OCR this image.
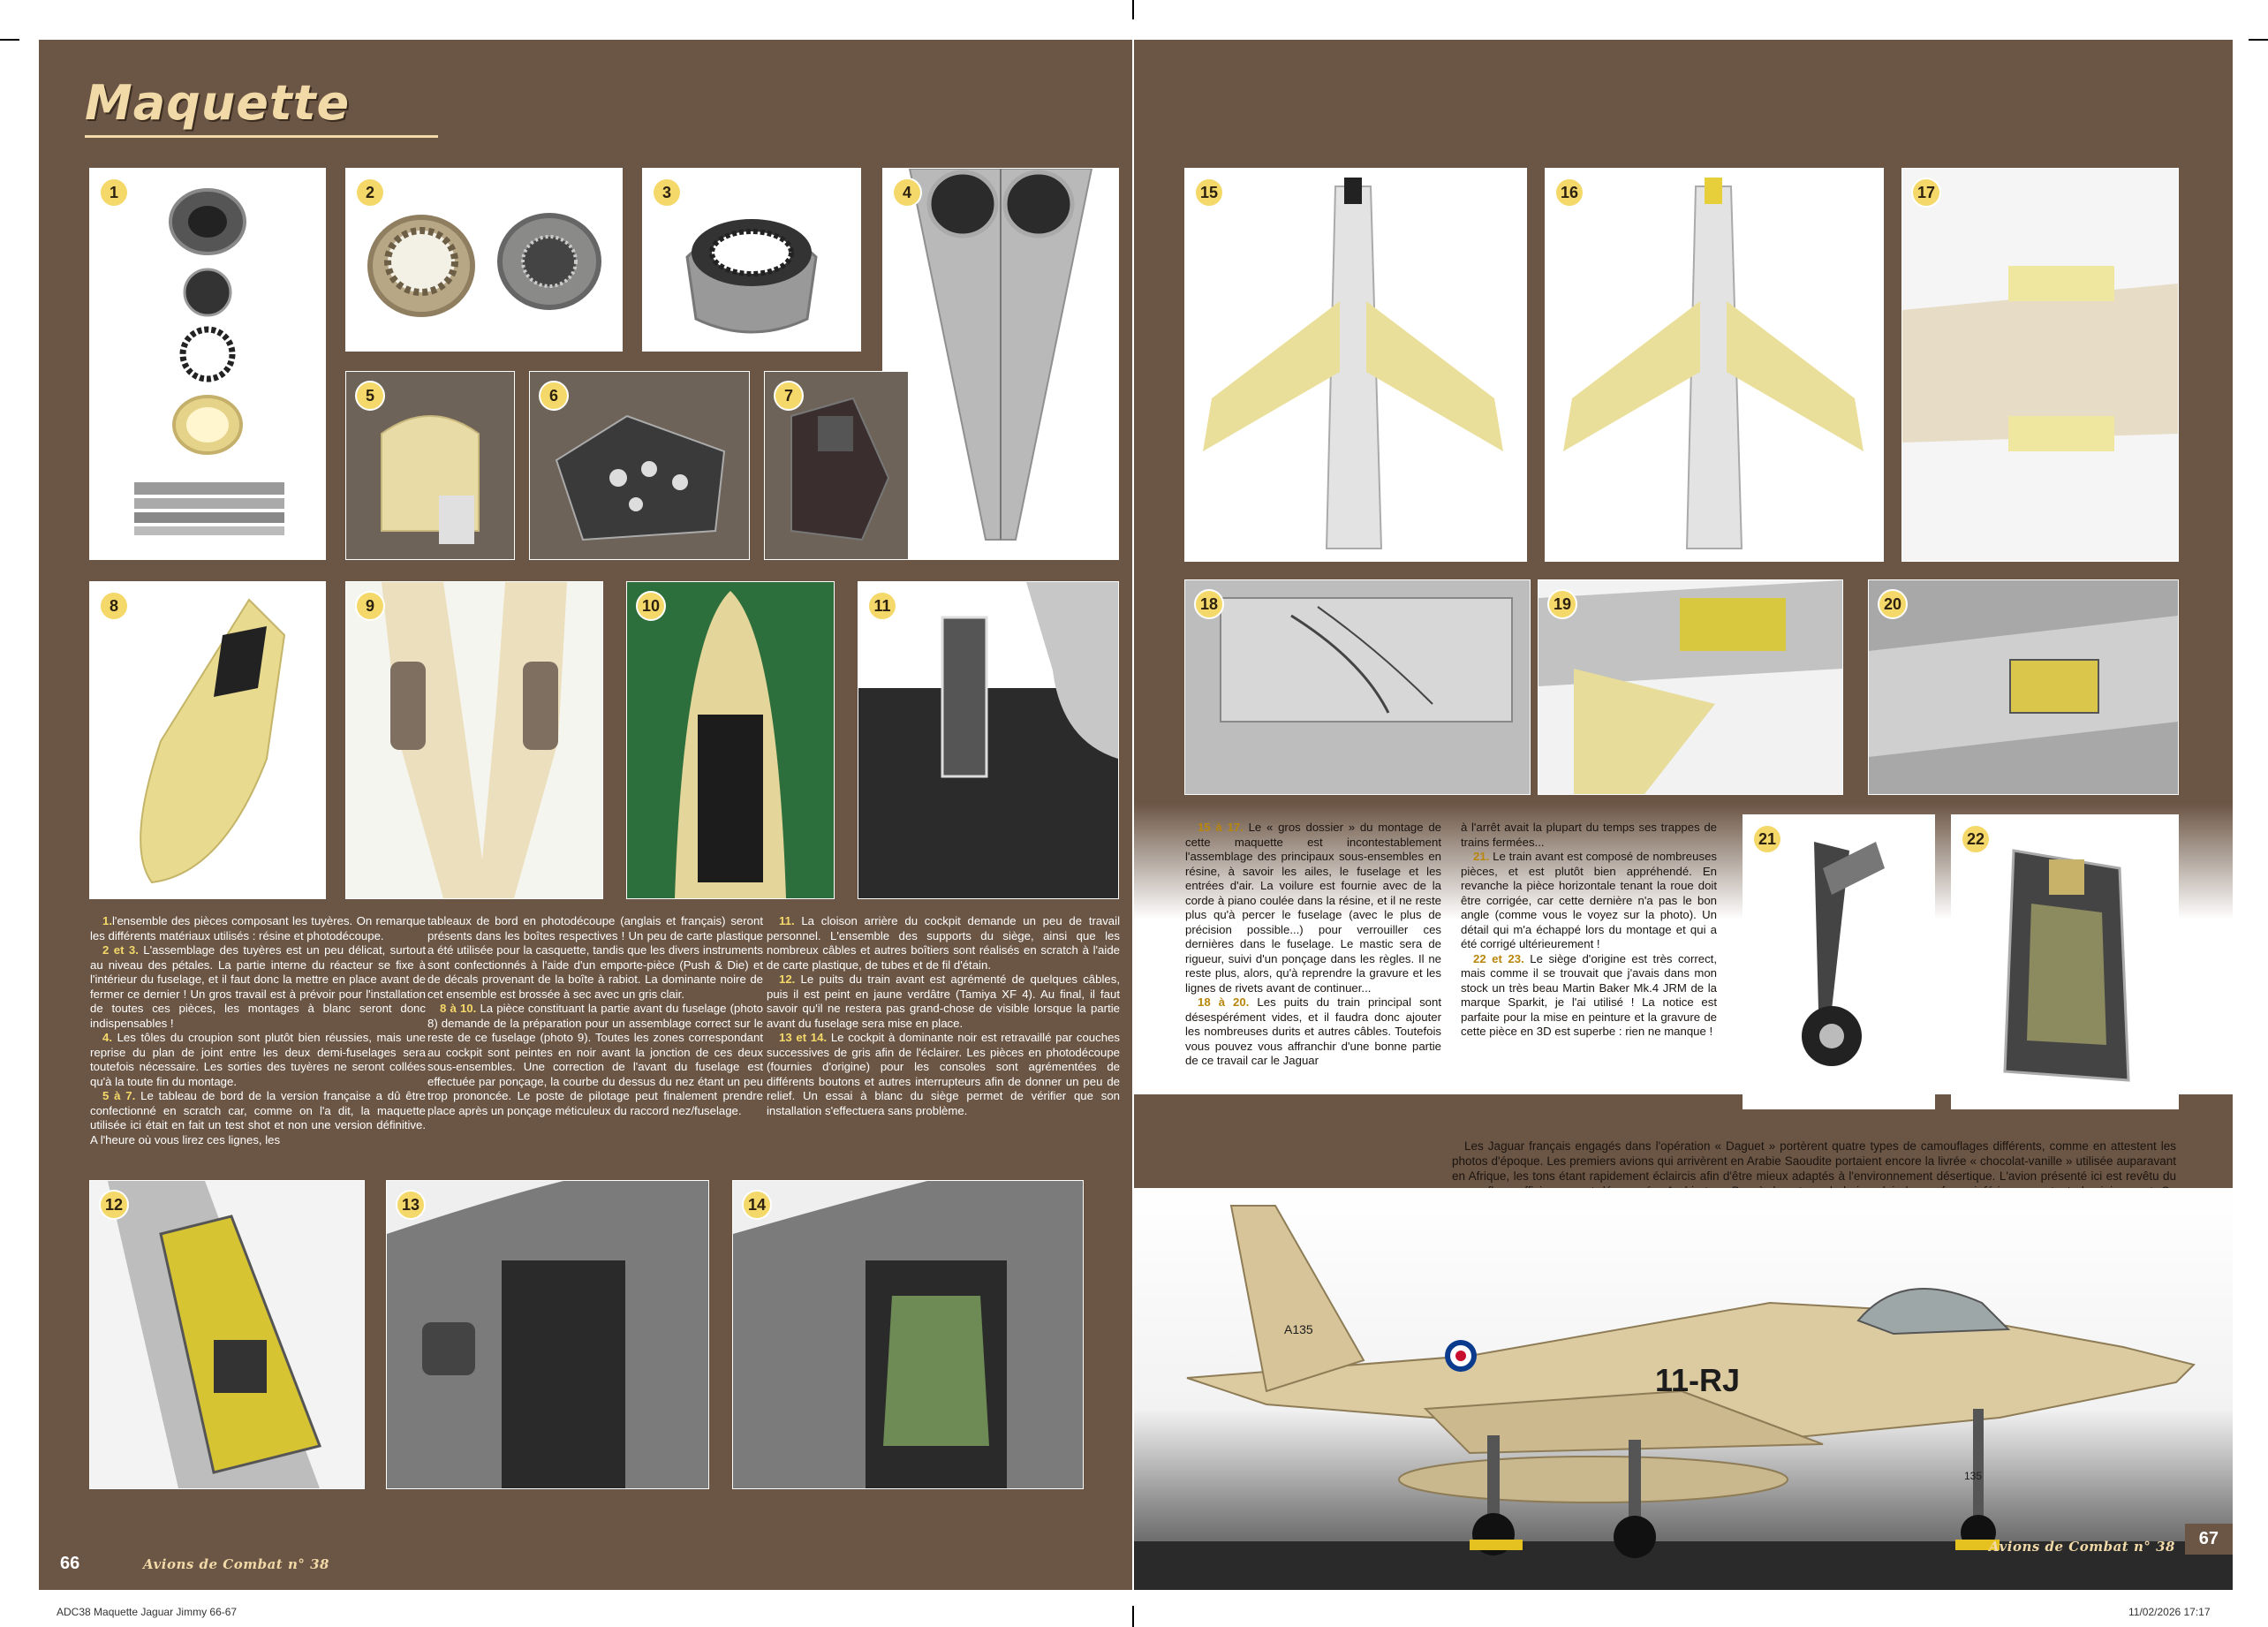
Maquette
1	2	3	4
5	6	7
8	9	10	11

1.l'ensemble des pièces composant les tuyères. On remarque les différents matériaux utilisés : résine et photodécoupe.

2 et 3. L'assemblage des tuyères est un peu délicat, surtout au niveau des pétales. La partie interne du réacteur se fixe à l'intérieur du fuselage, et il faut donc la mettre en place avant de fermer ce dernier ! Un gros travail est à prévoir pour l'installation de toutes ces pièces, les montages à blanc seront donc indispensables !

4. Les tôles du croupion sont plutôt bien réussies, mais une reprise du plan de joint entre les deux demi-fuselages sera toutefois nécessaire. Les sorties des tuyères ne seront collées qu'à la toute fin du montage.

5 à 7. Le tableau de bord de la version française a dû être confectionné en scratch car, comme on l'a dit, la maquette utilisée ici était en fait un test shot et non une version définitive. A l'heure où vous lirez ces lignes, les

tableaux de bord en photodécoupe (anglais et français) seront présents dans les boîtes respectives ! Un peu de carte plastique a été utilisée pour la casquette, tandis que les divers instruments sont confectionnés à l'aide d'un emporte-pièce (Push & Die) et de décals provenant de la boîte à rabiot. La dominante noire de cet ensemble est brossée à sec avec un gris clair.

8 à 10. La pièce constituant la partie avant du fuselage (photo 8) demande de la préparation pour un assemblage correct sur le reste de ce fuselage (photo 9). Toutes les zones correspondant au cockpit sont peintes en noir avant la jonction de ces deux sous-ensembles. Une correction de l'avant du fuselage est effectuée par ponçage, la courbe du dessus du nez étant un peu trop prononcée. Le poste de pilotage peut finalement prendre place après un ponçage méticuleux du raccord nez/fuselage.

11. La cloison arrière du cockpit demande un peu de travail personnel. L'ensemble des supports du siège, ainsi que les nombreux câbles et autres boîtiers sont réalisés en scratch à l'aide de carte plastique, de tubes et de fil d'étain.

12. Le puits du train avant est agrémenté de quelques câbles, puis il est peint en jaune verdâtre (Tamiya XF 4). Au final, il faut savoir qu'il ne restera pas grand-chose de visible lorsque la partie avant du fuselage sera mise en place.

13 et 14. Le cockpit à dominante noir est retravaillé par couches successives de gris afin de l'éclairer. Les pièces en photodécoupe (fournies d'origine) pour les consoles sont agrémentées de différents boutons et autres interrupteurs afin de donner un peu de relief. Un essai à blanc du siège permet de vérifier que son installation s'effectuera sans problème.

12	13	14
66	Avions de Combat n° 38
15	16	17
18	19	20

15 à 17. Le « gros dossier » du montage de cette maquette est incontestablement l'assemblage des principaux sous-ensembles en résine, à savoir les ailes, le fuselage et les entrées d'air. La voilure est fournie avec de la corde à piano coulée dans la résine, et il ne reste plus qu'à percer le fuselage (avec le plus de précision possible...) pour verrouiller ces dernières dans le fuselage. Le mastic sera de rigueur, suivi d'un ponçage dans les règles. Il ne reste plus, alors, qu'à reprendre la gravure et les lignes de rivets avant de continuer...

18 à 20. Les puits du train principal sont désespérément vides, et il faudra donc ajouter les nombreuses durits et autres câbles. Toutefois vous pouvez vous affranchir d'une bonne partie de ce travail car le Jaguar

à l'arrêt avait la plupart du temps ses trappes de trains fermées...

21. Le train avant est composé de nombreuses pièces, et est plutôt bien appréhendé. En revanche la pièce horizontale tenant la roue doit être corrigée, car cette dernière n'a pas le bon angle (comme vous le voyez sur la photo). Un détail qui m'a échappé lors du montage et qui a été corrigé ultérieurement !

22 et 23. Le siège d'origine est très correct, mais comme il se trouvait que j'avais dans mon stock un très beau Martin Baker Mk.4 JRM de la marque Sparkit, je l'ai utilisé ! La notice est parfaite pour la mise en peinture et la gravure de cette pièce en 3D est superbe : rien ne manque !

21	22
Les Jaguar français engagés dans l'opération « Daguet » portèrent quatre types de camouflages différents, comme en attestent les photos d'époque. Les premiers avions qui arrivèrent en Arabie Saoudite portaient encore la livrée « chocolat-vanille » utilisée auparavant en Afrique, les tons étant rapidement éclaircis afin d'être mieux adaptés à l'environnement désertique. L'avion présenté ici est revêtu du
11-RJ
A135
135
Avions de Combat n° 38	67
ADC38 Maquette Jaguar Jimmy 66-67	11/02/2026 17:17
